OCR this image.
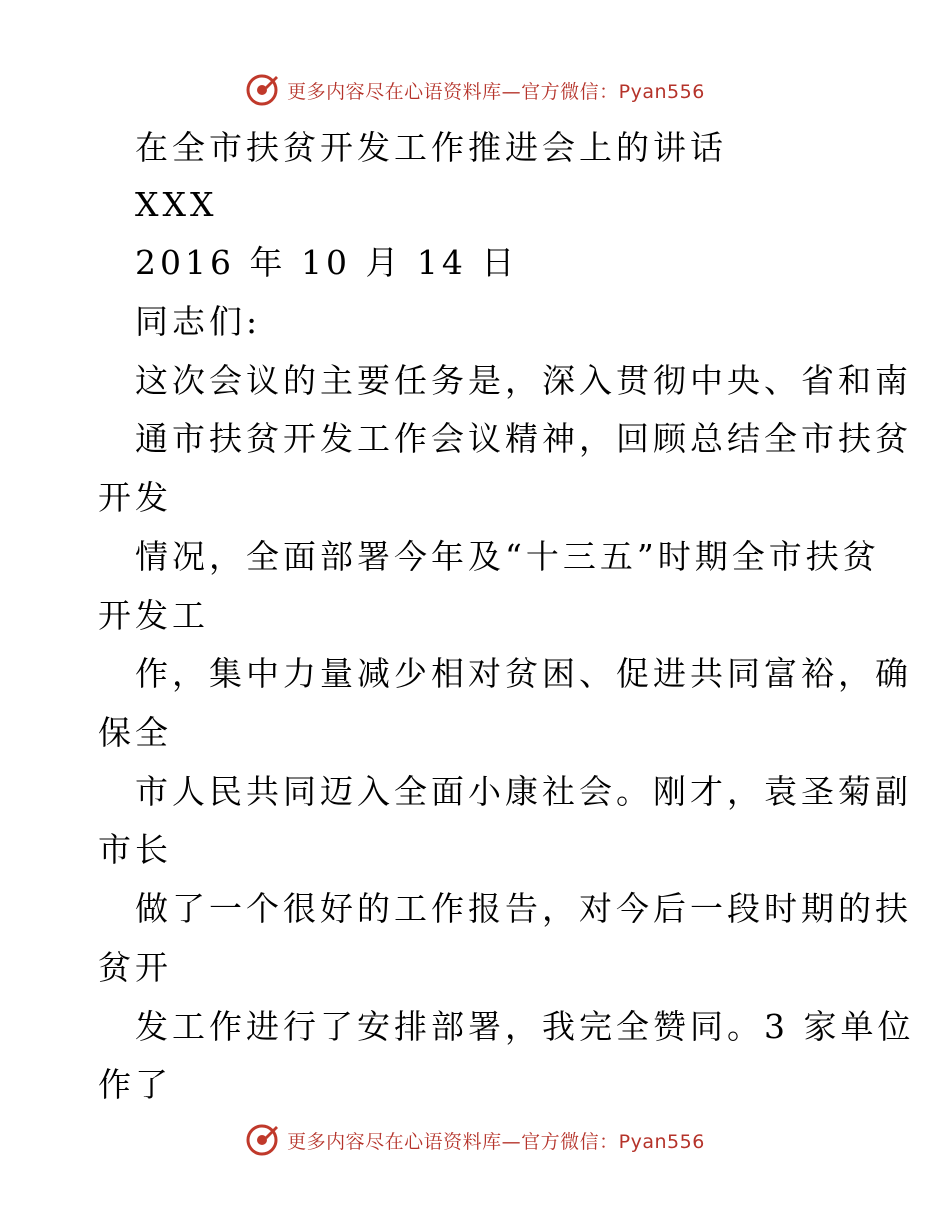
更多内容尽在心语资料库—官方微信：Pyan556
在全市扶贫开发工作推进会上的讲话
XXX
2016 年 10 月 14 日
同志们:
这次会议的主要任务是，深入贯彻中央、省和南
通市扶贫开发工作会议精神，回顾总结全市扶贫
开发
情况，全面部署今年及“十三五”时期全市扶贫
开发工
作，集中力量减少相对贫困、促进共同富裕，确
保全
市人民共同迈入全面小康社会。刚才，袁圣菊副
市长
做了一个很好的工作报告，对今后一段时期的扶
贫开
发工作进行了安排部署，我完全赞同。3 家单位
作了
更多内容尽在心语资料库—官方微信：Pyan556
